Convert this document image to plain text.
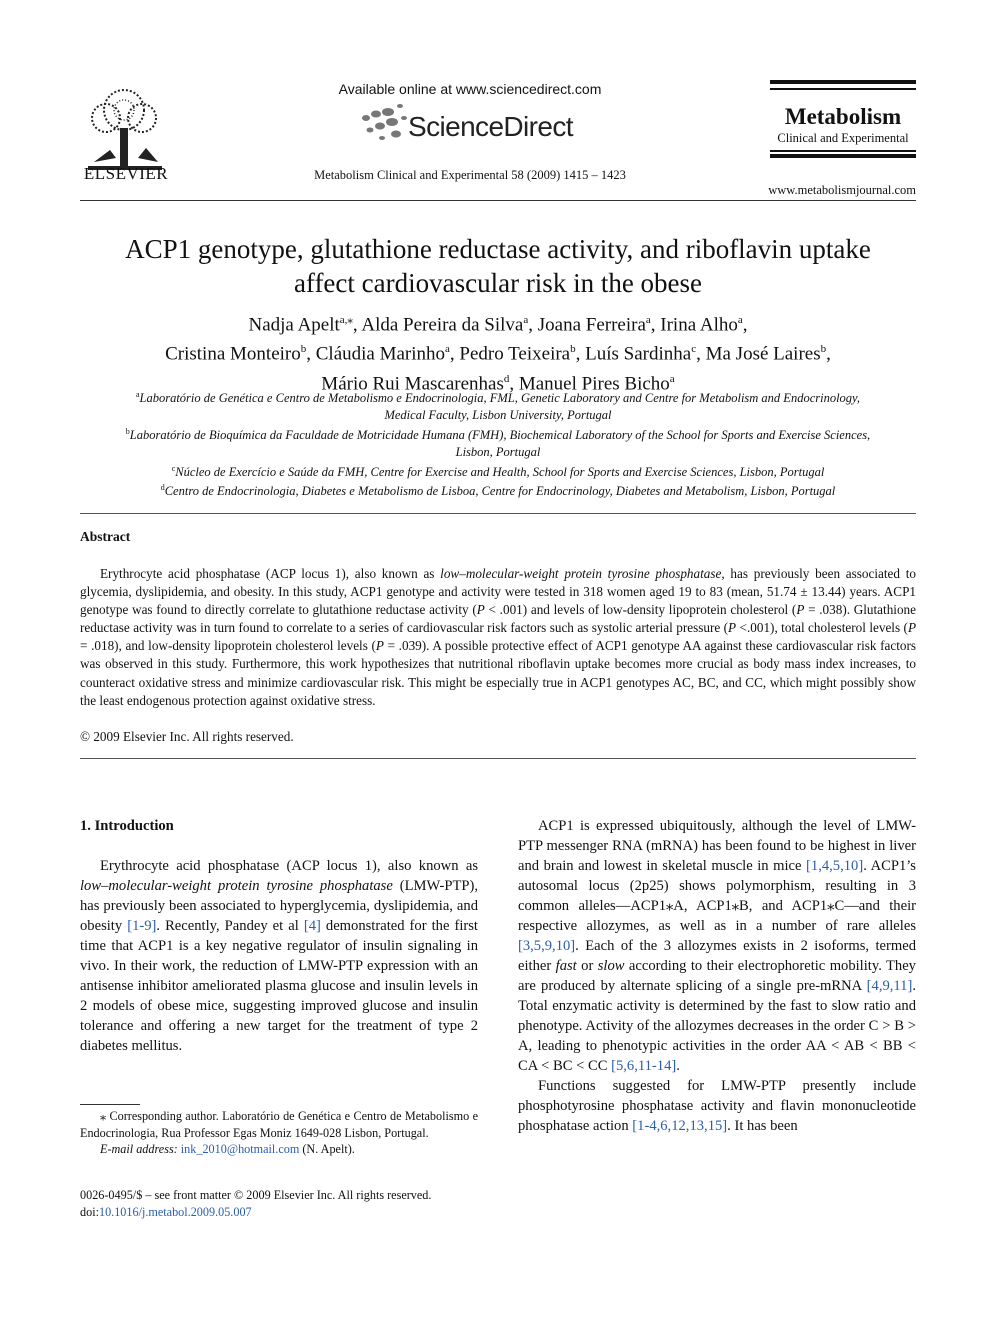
ELSEVIER
Available online at www.sciencedirect.com
ScienceDirect
Metabolism Clinical and Experimental 58 (2009) 1415 – 1423
Metabolism
Clinical and Experimental
www.metabolismjournal.com
ACP1 genotype, glutathione reductase activity, and riboflavin uptake
affect cardiovascular risk in the obese
Nadja Apelt$^{a,⁎}$, Alda Pereira da Silva$^a$, Joana Ferreira$^a$, Irina Alho$^a$,
Cristina Monteiro$^b$, Cláudia Marinho$^a$, Pedro Teixeira$^b$, Luís Sardinha$^c$, Ma José Laires$^b$,
Mário Rui Mascarenhas$^d$, Manuel Pires Bicho$^a$

$^a$Laboratório de Genética e Centro de Metabolismo e Endocrinologia, FML, Genetic Laboratory and Centre for Metabolism and Endocrinology,

Medical Faculty, Lisbon University, Portugal

$^b$Laboratório de Bioquímica da Faculdade de Motricidade Humana (FMH), Biochemical Laboratory of the School for Sports and Exercise Sciences,

Lisbon, Portugal

$^c$Núcleo de Exercício e Saúde da FMH, Centre for Exercise and Health, School for Sports and Exercise Sciences, Lisbon, Portugal

$^d$Centro de Endocrinologia, Diabetes e Metabolismo de Lisboa, Centre for Endocrinology, Diabetes and Metabolism, Lisbon, Portugal

Abstract

Erythrocyte acid phosphatase (ACP locus 1), also known as low–molecular-weight protein tyrosine phosphatase, has previously been associated to glycemia, dyslipidemia, and obesity. In this study, ACP1 genotype and activity were tested in 318 women aged 19 to 83 (mean, 51.74 ± 13.44) years. ACP1 genotype was found to directly correlate to glutathione reductase activity (P < .001) and levels of low-density lipoprotein cholesterol (P = .038). Glutathione reductase activity was in turn found to correlate to a series of cardiovascular risk factors such as systolic arterial pressure (P <.001), total cholesterol levels (P = .018), and low-density lipoprotein cholesterol levels (P = .039). A possible protective effect of ACP1 genotype AA against these cardiovascular risk factors was observed in this study. Furthermore, this work hypothesizes that nutritional riboflavin uptake becomes more crucial as body mass index increases, to counteract oxidative stress and minimize cardiovascular risk. This might be especially true in ACP1 genotypes AC, BC, and CC, which might possibly show the least endogenous protection against oxidative stress.

© 2009 Elsevier Inc. All rights reserved.
1. Introduction

Erythrocyte acid phosphatase (ACP locus 1), also known as low–molecular-weight protein tyrosine phosphatase (LMW-PTP), has previously been associated to hyperglycemia, dyslipidemia, and obesity [1-9]. Recently, Pandey et al [4] demonstrated for the first time that ACP1 is a key negative regulator of insulin signaling in vivo. In their work, the reduction of LMW-PTP expression with an antisense inhibitor ameliorated plasma glucose and insulin levels in 2 models of obese mice, suggesting improved glucose and insulin tolerance and offering a new target for the treatment of type 2 diabetes mellitus.

ACP1 is expressed ubiquitously, although the level of LMW-PTP messenger RNA (mRNA) has been found to be highest in liver and brain and lowest in skeletal muscle in mice [1,4,5,10]. ACP1’s autosomal locus (2p25) shows polymorphism, resulting in 3 common alleles—ACP1⁎A, ACP1⁎B, and ACP1⁎C—and their respective allozymes, as well as in a number of rare alleles [3,5,9,10]. Each of the 3 allozymes exists in 2 isoforms, termed either fast or slow according to their electrophoretic mobility. They are produced by alternate splicing of a single pre-mRNA [4,9,11]. Total enzymatic activity is determined by the fast to slow ratio and phenotype. Activity of the allozymes decreases in the order C > B > A, leading to phenotypic activities in the order AA < AB < BB < CA < BC < CC [5,6,11-14].

Functions suggested for LMW-PTP presently include phosphotyrosine phosphatase activity and flavin mononucleotide phosphatase action [1-4,6,12,13,15]. It has been

⁎ Corresponding author. Laboratório de Genética e Centro de Metabolismo e Endocrinologia, Rua Professor Egas Moniz 1649-028 Lisbon, Portugal.

E-mail address: ink_2010@hotmail.com (N. Apelt).

0026-0495/$ – see front matter © 2009 Elsevier Inc. All rights reserved.
doi:10.1016/j.metabol.2009.05.007
